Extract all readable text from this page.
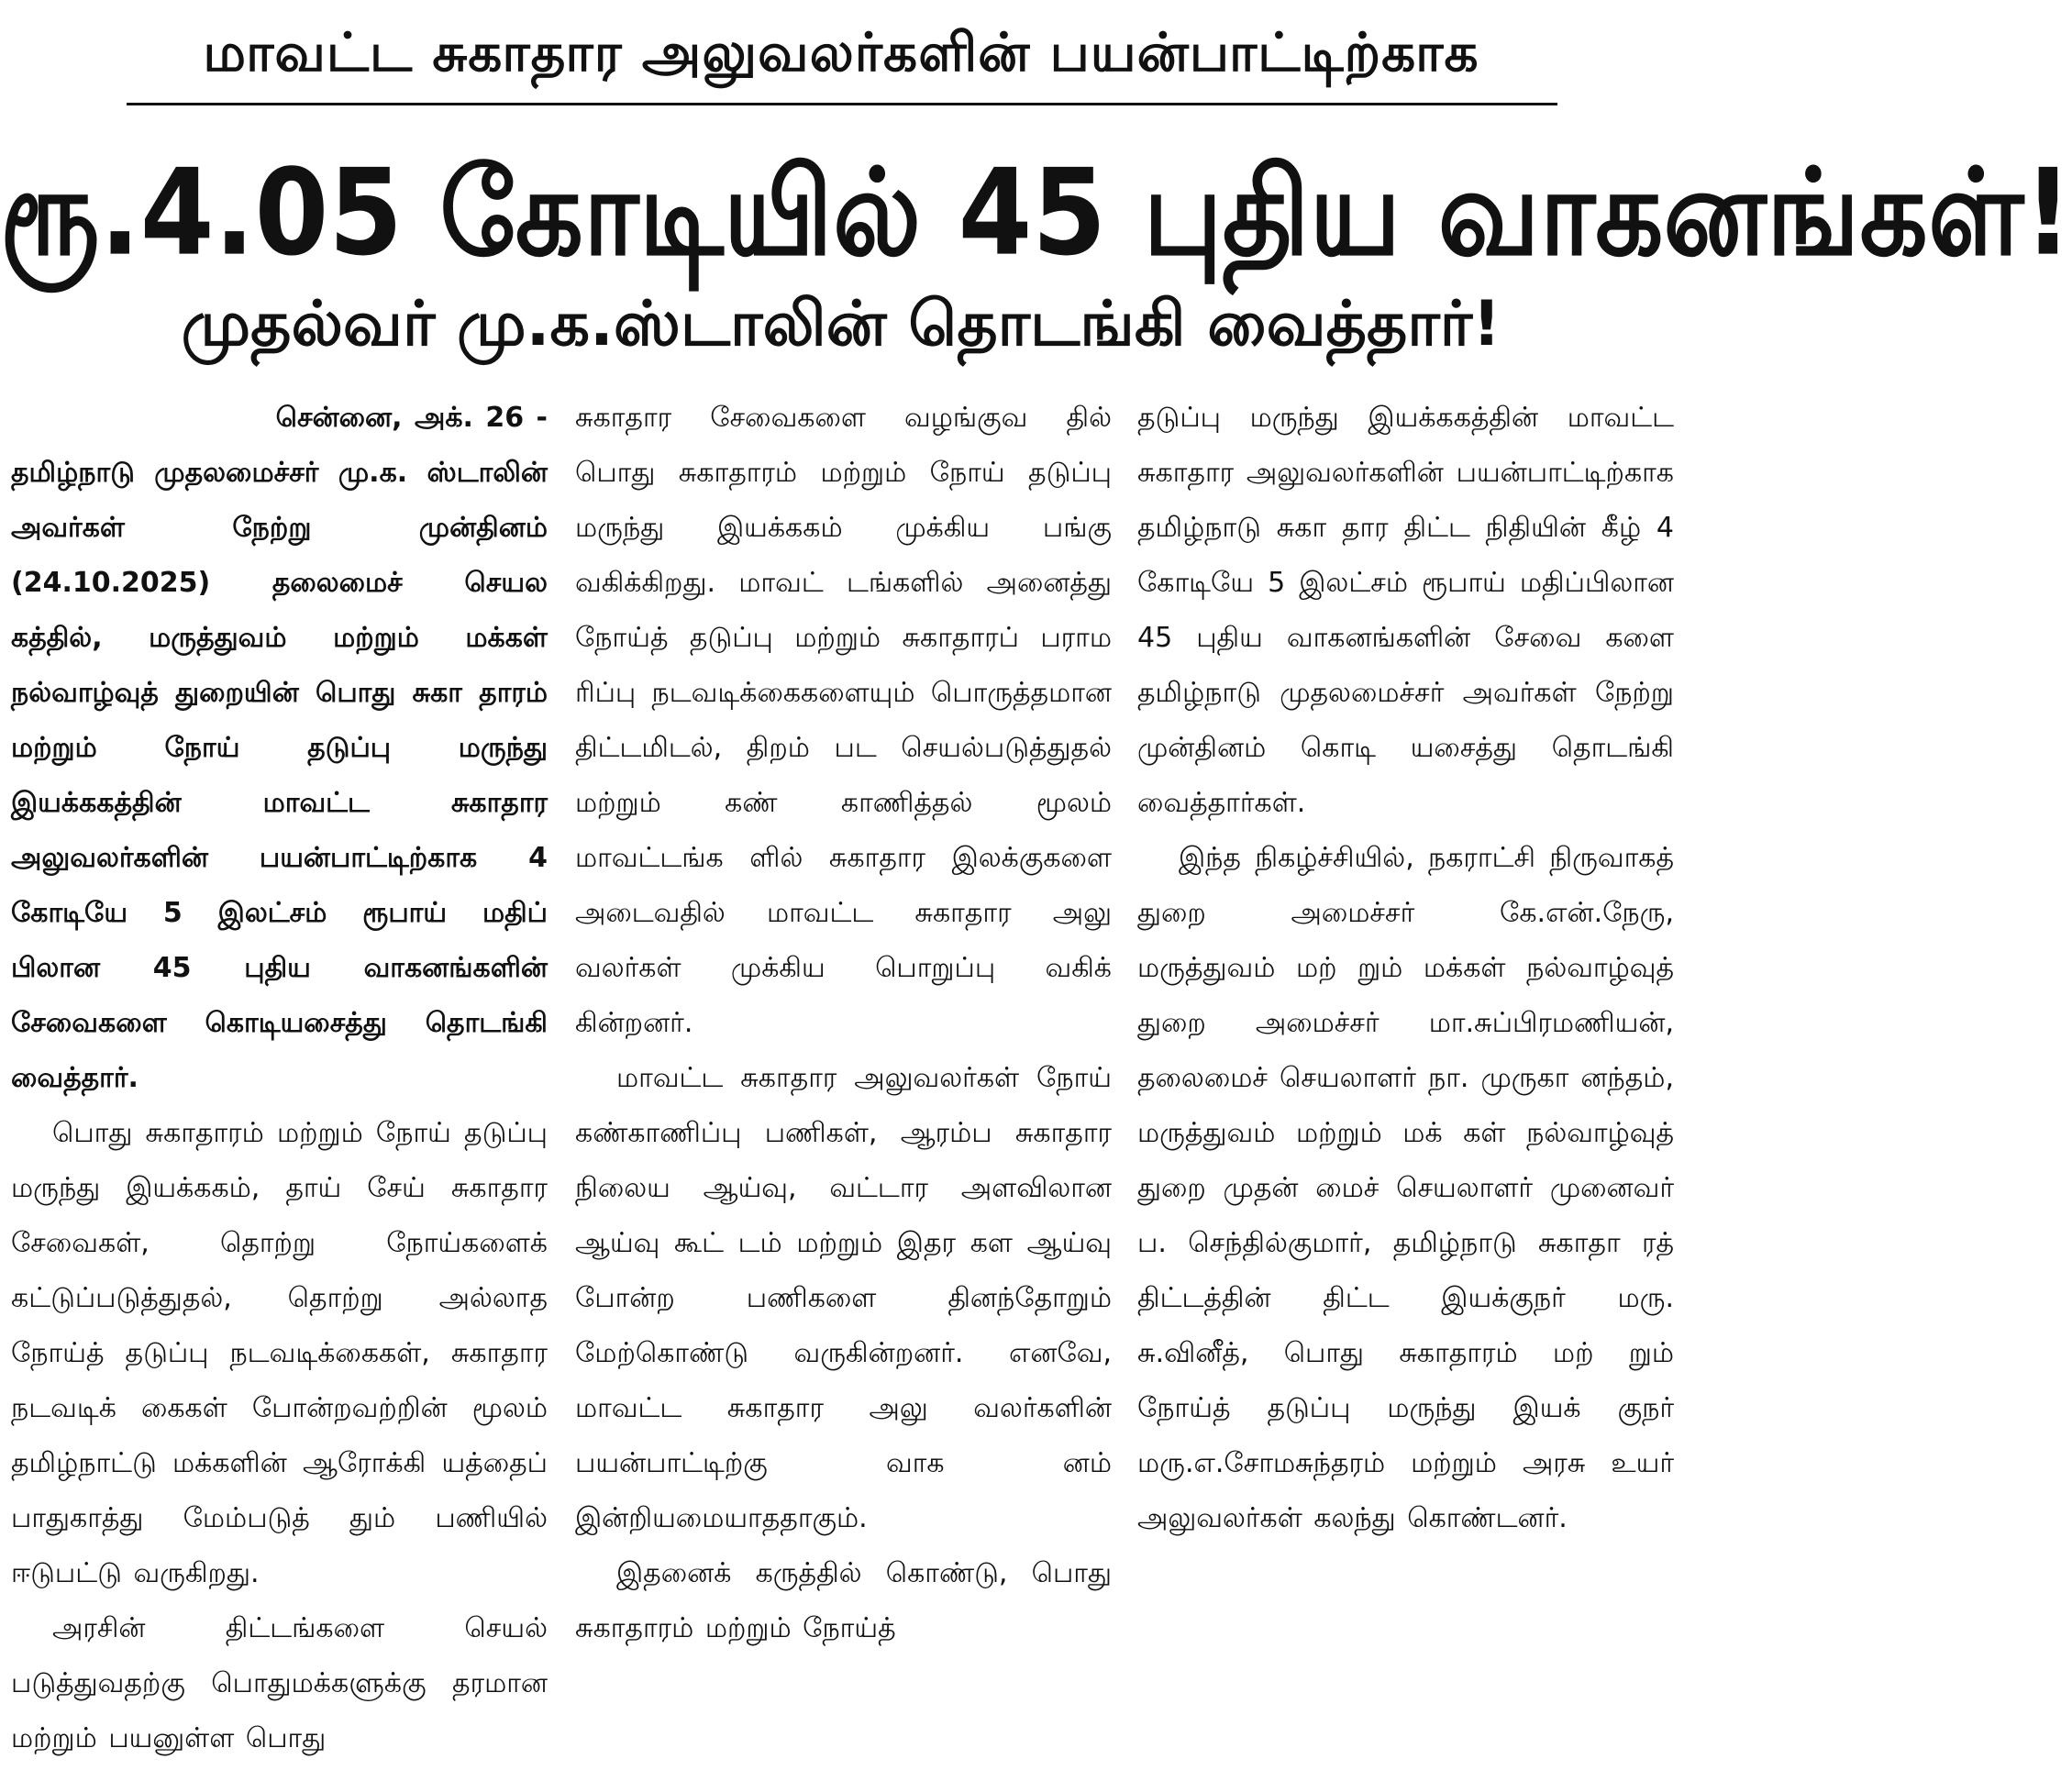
மாவட்ட சுகாதார அலுவலர்களின் பயன்பாட்டிற்காக
ரூ.4.05 கோடியில் 45 புதிய வாகனங்கள்!
முதல்வர் மு.க.ஸ்டாலின் தொடங்கி வைத்தார்!

சென்னை, அக். 26 -
தமிழ்நாடு முதலமைச்சர் மு.க. ஸ்டாலின் அவர்கள் நேற்று முன்தினம் (24.10.2025) தலைமைச் செயல கத்தில், மருத்துவம் மற்றும் மக்கள் நல்வாழ்வுத் துறையின் பொது சுகா தாரம் மற்றும் நோய் தடுப்பு மருந்து இயக்ககத்தின் மாவட்ட சுகாதார அலுவலர்களின் பயன்பாட்டிற்காக 4 கோடியே 5 இலட்சம் ரூபாய் மதிப் பிலான 45 புதிய வாகனங்களின் சேவைகளை கொடியசைத்து தொடங்கி வைத்தார்.

பொது சுகாதாரம் மற்றும் நோய் தடுப்பு மருந்து இயக்ககம், தாய் சேய் சுகாதார சேவைகள், தொற்று நோய்களைக் கட்டுப்படுத்துதல், தொற்று அல்லாத நோய்த் தடுப்பு நடவடிக்கைகள், சுகாதார நடவடிக் கைகள் போன்றவற்றின் மூலம் தமிழ்நாட்டு மக்களின் ஆரோக்கி யத்தைப் பாதுகாத்து மேம்படுத் தும் பணியில் ஈடுபட்டு வருகிறது.

அரசின் திட்டங்களை செயல் படுத்துவதற்கு பொதுமக்களுக்கு தரமான மற்றும் பயனுள்ள பொது

சுகாதார சேவைகளை வழங்குவ தில் பொது சுகாதாரம் மற்றும் நோய் தடுப்பு மருந்து இயக்ககம் முக்கிய பங்கு வகிக்கிறது. மாவட் டங்களில் அனைத்து நோய்த் தடுப்பு மற்றும் சுகாதாரப் பராம ரிப்பு நடவடிக்கைகளையும் பொருத்தமான திட்டமிடல், திறம் பட செயல்படுத்துதல் மற்றும் கண் காணித்தல் மூலம் மாவட்டங்க ளில் சுகாதார இலக்குகளை அடைவதில் மாவட்ட சுகாதார அலு வலர்கள் முக்கிய பொறுப்பு வகிக் கின்றனர்.

மாவட்ட சுகாதார அலுவலர்கள் நோய் கண்காணிப்பு பணிகள், ஆரம்ப சுகாதார நிலைய ஆய்வு, வட்டார அளவிலான ஆய்வு கூட் டம் மற்றும் இதர கள ஆய்வு போன்ற பணிகளை தினந்தோறும் மேற்கொண்டு வருகின்றனர். எனவே, மாவட்ட சுகாதார அலு வலர்களின் பயன்பாட்டிற்கு வாக னம் இன்றியமையாததாகும்.

இதனைக் கருத்தில் கொண்டு, பொது சுகாதாரம் மற்றும் நோய்த்

தடுப்பு மருந்து இயக்ககத்தின் மாவட்ட சுகாதார அலுவலர்களின் பயன்பாட்டிற்காக தமிழ்நாடு சுகா தார திட்ட நிதியின் கீழ் 4 கோடியே 5 இலட்சம் ரூபாய் மதிப்பிலான 45 புதிய வாகனங்களின் சேவை களை தமிழ்நாடு முதலமைச்சர் அவர்கள் நேற்று முன்தினம் கொடி யசைத்து தொடங்கி வைத்தார்கள்.

இந்த நிகழ்ச்சியில், நகராட்சி நிருவாகத் துறை அமைச்சர் கே.என்.நேரு, மருத்துவம் மற் றும் மக்கள் நல்வாழ்வுத் துறை அமைச்சர் மா.சுப்பிரமணியன், தலைமைச் செயலாளர் நா. முருகா னந்தம், மருத்துவம் மற்றும் மக் கள் நல்வாழ்வுத் துறை முதன் மைச் செயலாளர் முனைவர் ப. செந்தில்குமார், தமிழ்நாடு சுகாதா ரத் திட்டத்தின் திட்ட இயக்குநர் மரு. சு.வினீத், பொது சுகாதாரம் மற் றும் நோய்த் தடுப்பு மருந்து இயக் குநர் மரு.எ.சோமசுந்தரம் மற்றும் அரசு உயர் அலுவலர்கள் கலந்து கொண்டனர்.
